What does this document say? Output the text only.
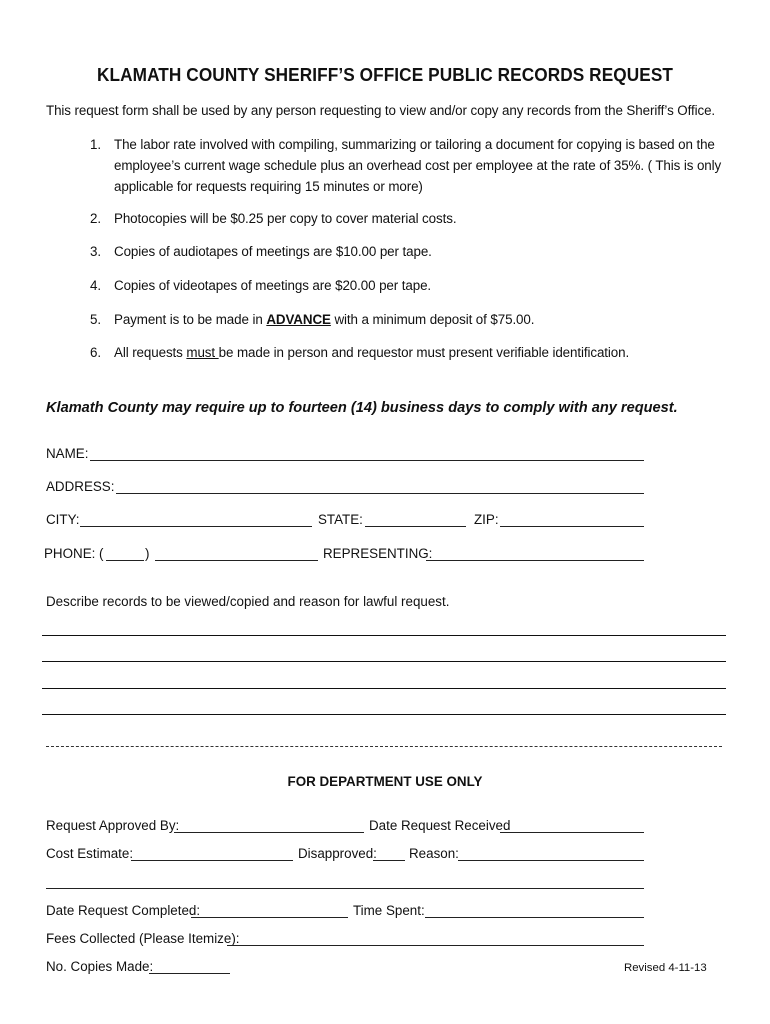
KLAMATH COUNTY SHERIFF’S OFFICE PUBLIC RECORDS REQUEST
This request form shall be used by any person requesting to view and/or copy any records from the Sheriff’s Office.
1. The labor rate involved with compiling, summarizing or tailoring a document for copying is based on the
employee’s current wage schedule plus an overhead cost per employee at the rate of 35%. ( This is only
applicable for requests requiring 15 minutes or more)
2. Photocopies will be $0.25 per copy to cover material costs.
3. Copies of audiotapes of meetings are $10.00 per tape.
4. Copies of videotapes of meetings are $20.00 per tape.
5. Payment is to be made in ADVANCE with a minimum deposit of $75.00.
6. All requests must be made in person and requestor must present verifiable identification.
Klamath County may require up to fourteen (14) business days to comply with any request.
NAME:
ADDRESS:
CITY:	STATE:	ZIP:
PHONE: (	)	REPRESENTING:
Describe records to be viewed/copied and reason for lawful request.
FOR DEPARTMENT USE ONLY
Request Approved By:	Date Request Received
Cost Estimate:	Disapproved: Reason:
Date Request Completed:	Time Spent:
Fees Collected (Please Itemize):
No. Copies Made:	Revised 4-11-13
